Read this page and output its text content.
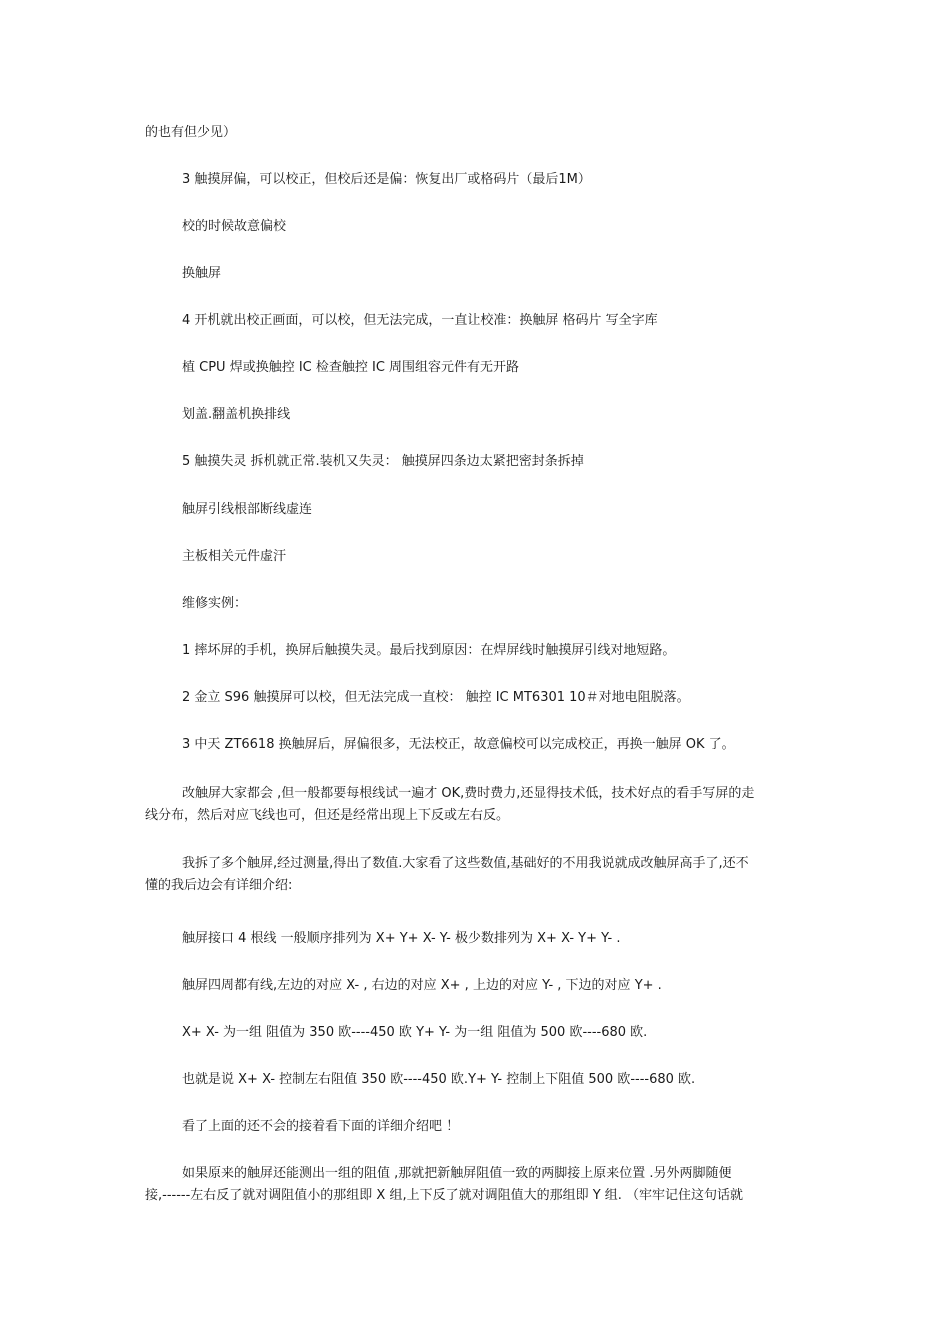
的也有但少见）
3 触摸屏偏，可以校正，但校后还是偏：恢复出厂或格码片（最后1M）
校的时候故意偏校
换触屏
4 开机就出校正画面，可以校，但无法完成，一直让校准：换触屏 格码片 写全字库
植 CPU 焊或换触控 IC 检查触控 IC 周围组容元件有无开路
划盖.翻盖机换排线
5 触摸失灵 拆机就正常.装机又失灵： 触摸屏四条边太紧把密封条拆掉
触屏引线根部断线虚连
主板相关元件虚汗
维修实例：
1 摔坏屏的手机，换屏后触摸失灵。最后找到原因：在焊屏线时触摸屏引线对地短路。
2 金立 S96 触摸屏可以校，但无法完成一直校： 触控 IC MT6301 10＃对地电阻脱落。
3 中天 ZT6618 换触屏后，屏偏很多，无法校正，故意偏校可以完成校正，再换一触屏 OK 了。
改触屏大家都会 ,但一般都要每根线试一遍才 OK,费时费力,还显得技术低，技术好点的看手写屏的走
线分布，然后对应飞线也可，但还是经常出现上下反或左右反。
我拆了多个触屏,经过测量,得出了数值.大家看了这些数值,基础好的不用我说就成改触屏高手了,还不
懂的我后边会有详细介绍:
触屏接口 4 根线 一般顺序排列为 X+ Y+ X- Y- 极少数排列为 X+ X- Y+ Y- .
触屏四周都有线,左边的对应 X- , 右边的对应 X+ , 上边的对应 Y- , 下边的对应 Y+ .
X+ X- 为一组 阻值为 350 欧----450 欧 Y+ Y- 为一组 阻值为 500 欧----680 欧.
也就是说 X+ X- 控制左右阻值 350 欧----450 欧.Y+ Y- 控制上下阻值 500 欧----680 欧.
看了上面的还不会的接着看下面的详细介绍吧 ！
如果原来的触屏还能测出一组的阻值 ,那就把新触屏阻值一致的两脚接上原来位置 .另外两脚随便
接,------左右反了就对调阻值小的那组即 X 组,上下反了就对调阻值大的那组即 Y 组. （牢牢记住这句话就
